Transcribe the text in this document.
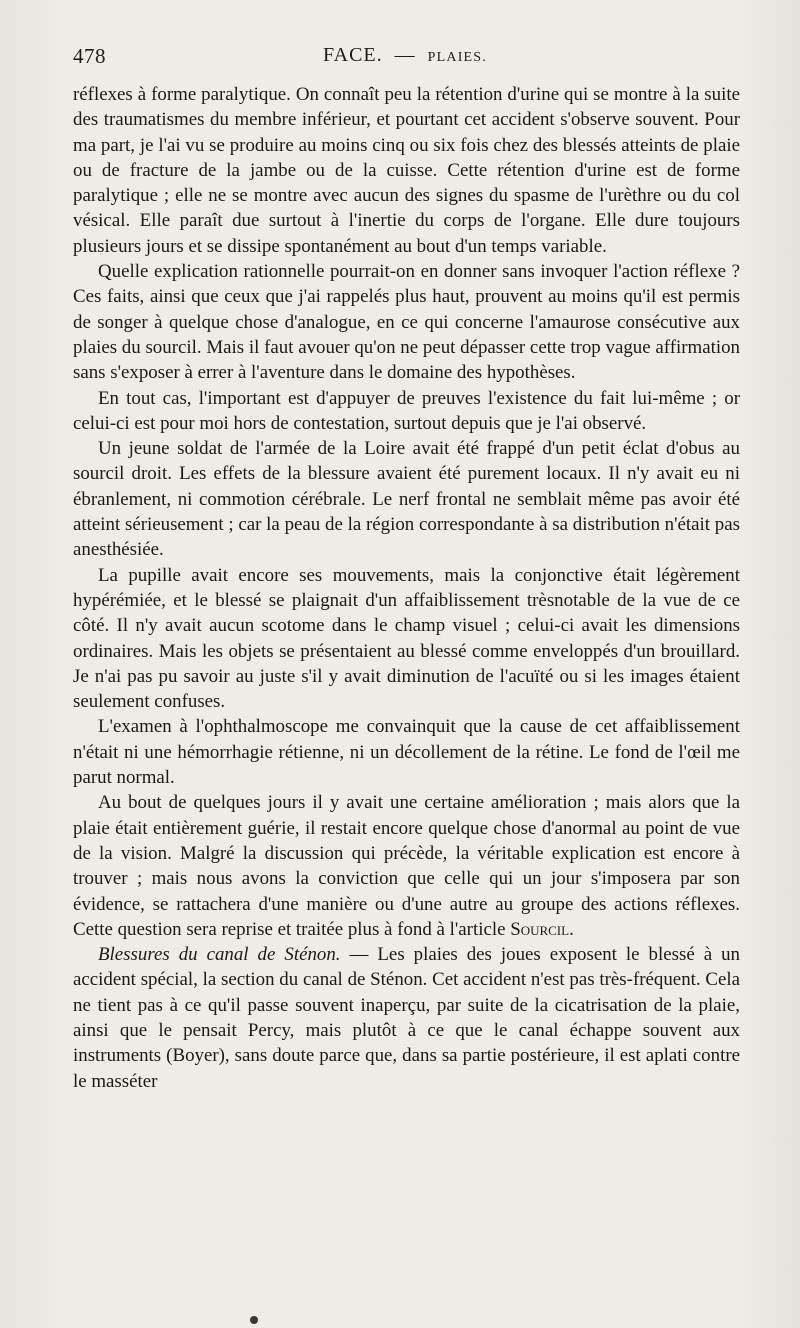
478	FACE. — PLAIES.

réflexes à forme paralytique. On connaît peu la rétention d'urine qui se montre à la suite des traumatismes du membre inférieur, et pourtant cet accident s'observe souvent. Pour ma part, je l'ai vu se produire au moins cinq ou six fois chez des blessés atteints de plaie ou de fracture de la jambe ou de la cuisse. Cette rétention d'urine est de forme paralytique ; elle ne se montre avec aucun des signes du spasme de l'urèthre ou du col vésical. Elle paraît due surtout à l'inertie du corps de l'organe. Elle dure toujours plusieurs jours et se dissipe spontanément au bout d'un temps variable.

Quelle explication rationnelle pourrait-on en donner sans invoquer l'action réflexe ? Ces faits, ainsi que ceux que j'ai rappelés plus haut, prouvent au moins qu'il est permis de songer à quelque chose d'analogue, en ce qui concerne l'amaurose consécutive aux plaies du sourcil. Mais il faut avouer qu'on ne peut dépasser cette trop vague affirmation sans s'exposer à errer à l'aventure dans le domaine des hypothèses.

En tout cas, l'important est d'appuyer de preuves l'existence du fait lui-même ; or celui-ci est pour moi hors de contestation, surtout depuis que je l'ai observé.

Un jeune soldat de l'armée de la Loire avait été frappé d'un petit éclat d'obus au sourcil droit. Les effets de la blessure avaient été purement locaux. Il n'y avait eu ni ébranlement, ni commotion cérébrale. Le nerf frontal ne semblait même pas avoir été atteint sérieusement ; car la peau de la région correspondante à sa distribution n'était pas anesthésiée.

La pupille avait encore ses mouvements, mais la conjonctive était légèrement hypérémiée, et le blessé se plaignait d'un affaiblissement trèsnotable de la vue de ce côté. Il n'y avait aucun scotome dans le champ visuel ; celui-ci avait les dimensions ordinaires. Mais les objets se présentaient au blessé comme enveloppés d'un brouillard. Je n'ai pas pu savoir au juste s'il y avait diminution de l'acuïté ou si les images étaient seulement confuses.

L'examen à l'ophthalmoscope me convainquit que la cause de cet affaiblissement n'était ni une hémorrhagie rétienne, ni un décollement de la rétine. Le fond de l'œil me parut normal.

Au bout de quelques jours il y avait une certaine amélioration ; mais alors que la plaie était entièrement guérie, il restait encore quelque chose d'anormal au point de vue de la vision. Malgré la discussion qui précède, la véritable explication est encore à trouver ; mais nous avons la conviction que celle qui un jour s'imposera par son évidence, se rattachera d'une manière ou d'une autre au groupe des actions réflexes. Cette question sera reprise et traitée plus à fond à l'article Sourcil.

Blessures du canal de Sténon. — Les plaies des joues exposent le blessé à un accident spécial, la section du canal de Sténon. Cet accident n'est pas très-fréquent. Cela ne tient pas à ce qu'il passe souvent inaperçu, par suite de la cicatrisation de la plaie, ainsi que le pensait Percy, mais plutôt à ce que le canal échappe souvent aux instruments (Boyer), sans doute parce que, dans sa partie postérieure, il est aplati contre le masséter
